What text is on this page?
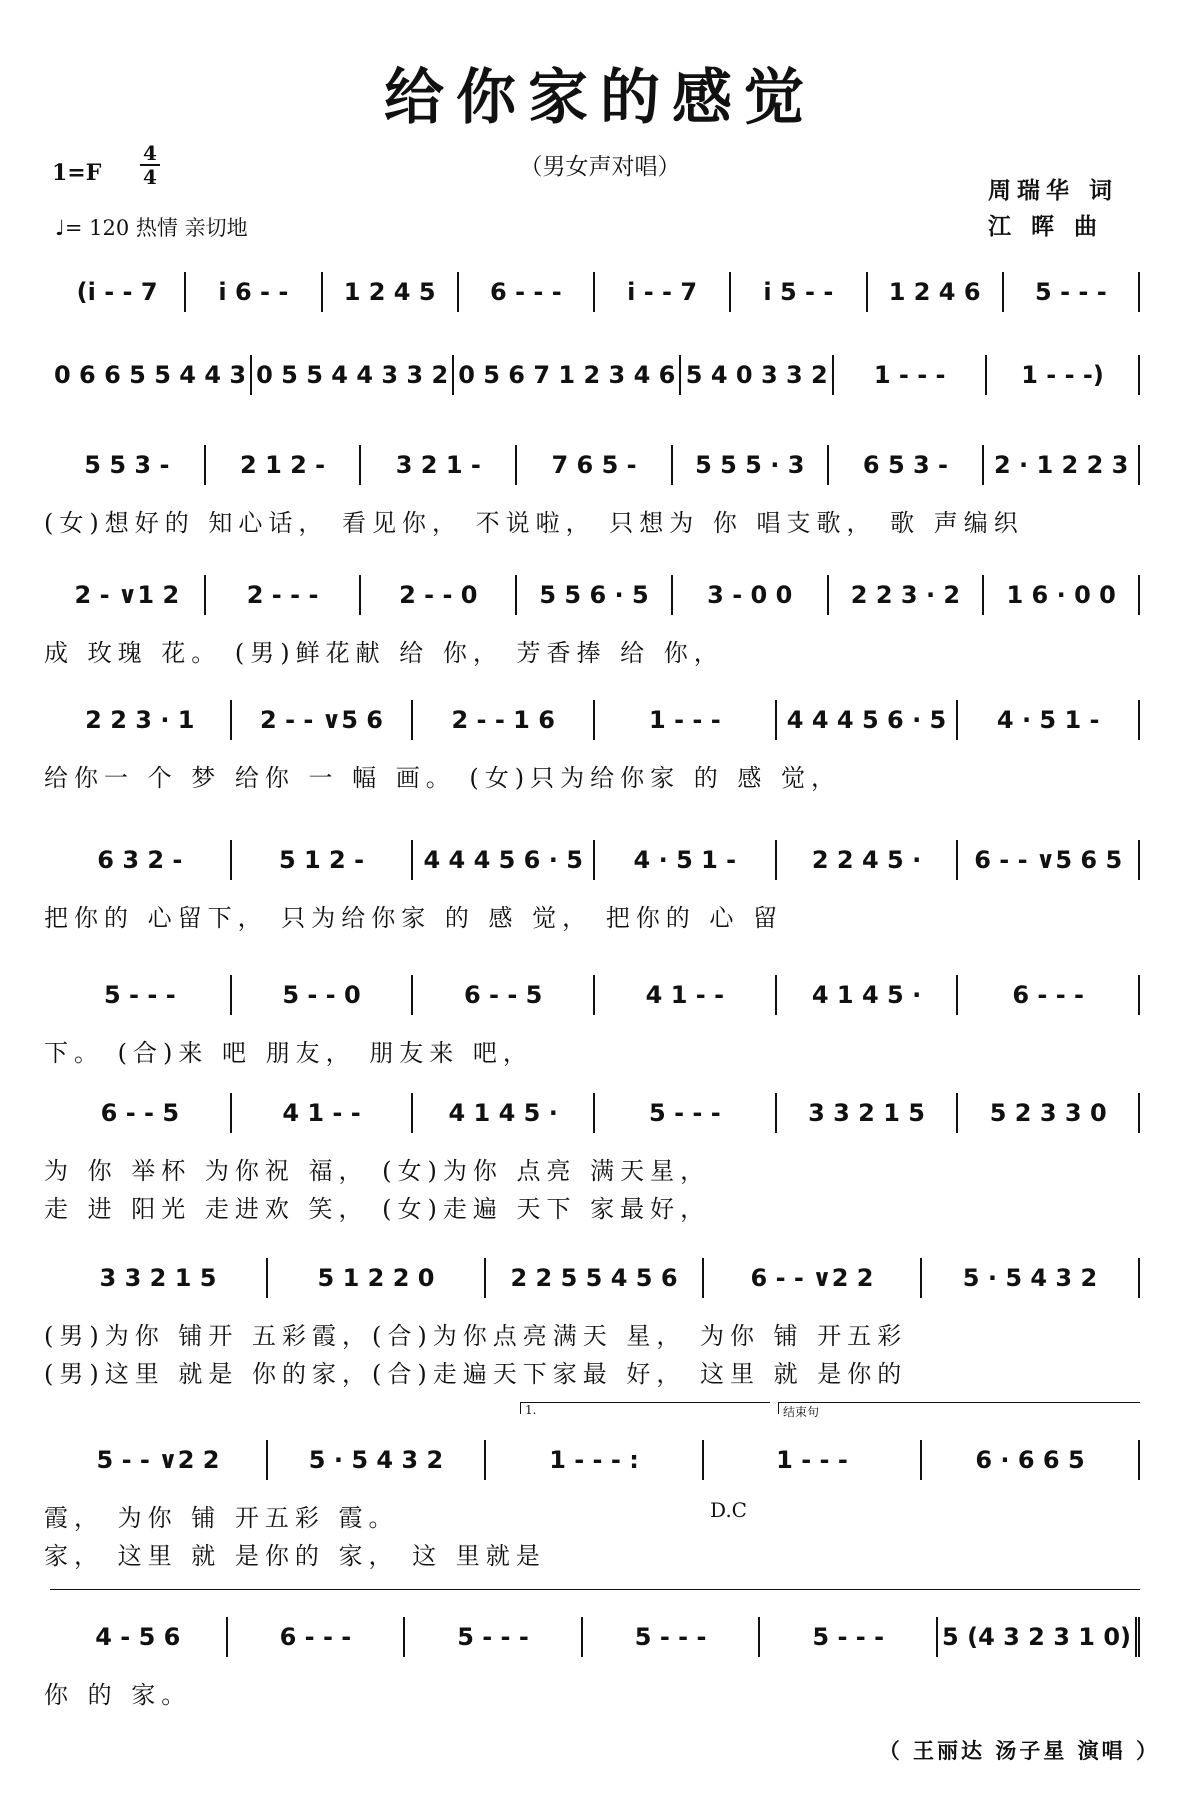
给你家的感觉
（男女声对唱）
1=F
4
4
♩= 120 热情 亲切地
周瑞华 词
江 晖 曲
(i - - 7	i 6 - -	1 2 4 5	6 - - -	i - - 7	i 5 - -	1 2 4 6	5 - - -
0 6 6 5 5 4 4 3 0 5 5 4 4 3 3 2 0 5 6 7 1 2 3 4 6 5 4 0 3 3 2	1 - - -	1 - - -)
5 5 3 -	2 1 2 -	3 2 1 -	7 6 5 -	5 5 5 · 3	6 5 3 -	2 · 1 2 2 3
(女)想好的 知心话， 看见你， 不说啦， 只想为 你 唱支歌， 歌 声编织
2 - ∨1 2	2 - - -	2 - - 0	5 5 6 · 5	3 - 0 0	2 2 3 · 2	1 6 · 0 0
成 玫瑰 花。 (男)鲜花献 给 你， 芳香捧 给 你，
2 2 3 · 1	2 - - ∨5 6	2 - - 1 6	1 - - -	4 4 4 5 6 · 5	4 · 5 1 -
给你一 个 梦 给你 一 幅 画。 (女)只为给你家 的 感 觉，
6 3 2 -	5 1 2 -	4 4 4 5 6 · 5	4 · 5 1 -	2 2 4 5 ·	6 - - ∨5 6 5
把你的 心留下， 只为给你家 的 感 觉， 把你的 心 留
5 - - -	5 - - 0	6 - - 5	4 1 - -	4 1 4 5 ·	6 - - -
下。 (合)来 吧 朋友， 朋友来 吧，
6 - - 5	4 1 - -	4 1 4 5 ·	5 - - -	3 3 2 1 5	5 2 3 3 0
为 你 举杯 为你祝 福， (女)为你 点亮 满天星，
走 进 阳光 走进欢 笑， (女)走遍 天下 家最好，
3 3 2 1 5	5 1 2 2 0	2 2 5 5 4 5 6	6 - - ∨2 2	5 · 5 4 3 2
(男)为你 铺开 五彩霞，(合)为你点亮满天 星， 为你 铺 开五彩
(男)这里 就是 你的家，(合)走遍天下家最 好， 这里 就 是你的
5 - - ∨2 2	5 · 5 4 3 2	1 - - - :	1 - - -	6 · 6 6 5
霞， 为你 铺 开五彩 霞。
家， 这里 就 是你的 家， 这 里就是
1.	结束句
D.C
4 - 5 6	6 - - -	5 - - -	5 - - -	5 - - -	5 (4 3 2 3 1 0)
你 的 家。
（ 王丽达 汤子星 演唱 ）
